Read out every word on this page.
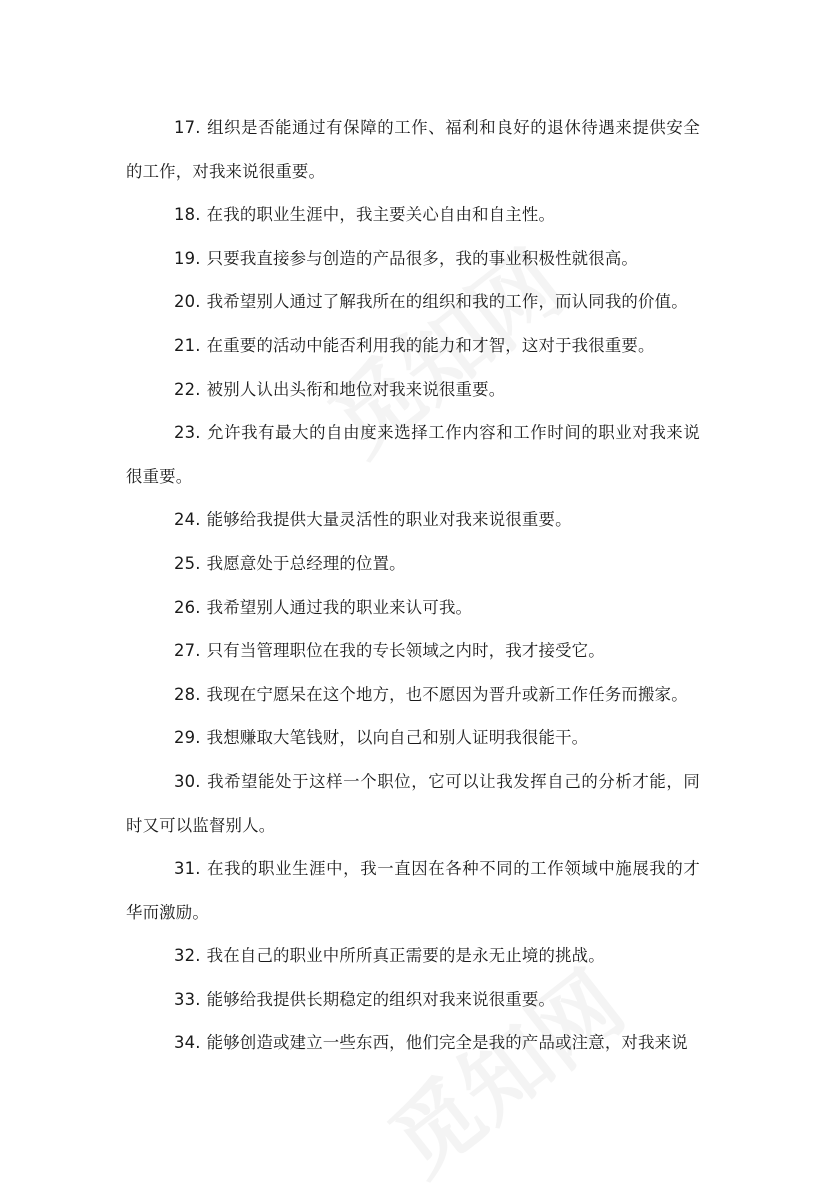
17. 组织是否能通过有保障的工作、福利和良好的退休待遇来提供安全的工作，对我来说很重要。

18. 在我的职业生涯中，我主要关心自由和自主性。

19. 只要我直接参与创造的产品很多，我的事业积极性就很高。

20. 我希望别人通过了解我所在的组织和我的工作，而认同我的价值。

21. 在重要的活动中能否利用我的能力和才智，这对于我很重要。

22. 被别人认出头衔和地位对我来说很重要。

23. 允许我有最大的自由度来选择工作内容和工作时间的职业对我来说很重要。

24. 能够给我提供大量灵活性的职业对我来说很重要。

25. 我愿意处于总经理的位置。

26. 我希望别人通过我的职业来认可我。

27. 只有当管理职位在我的专长领域之内时，我才接受它。

28. 我现在宁愿呆在这个地方，也不愿因为晋升或新工作任务而搬家。

29. 我想赚取大笔钱财，以向自己和别人证明我很能干。

30. 我希望能处于这样一个职位，它可以让我发挥自己的分析才能，同时又可以监督别人。

31. 在我的职业生涯中，我一直因在各种不同的工作领域中施展我的才华而激励。

32. 我在自己的职业中所所真正需要的是永无止境的挑战。

33. 能够给我提供长期稳定的组织对我来说很重要。

34. 能够创造或建立一些东西，他们完全是我的产品或注意，对我来说
